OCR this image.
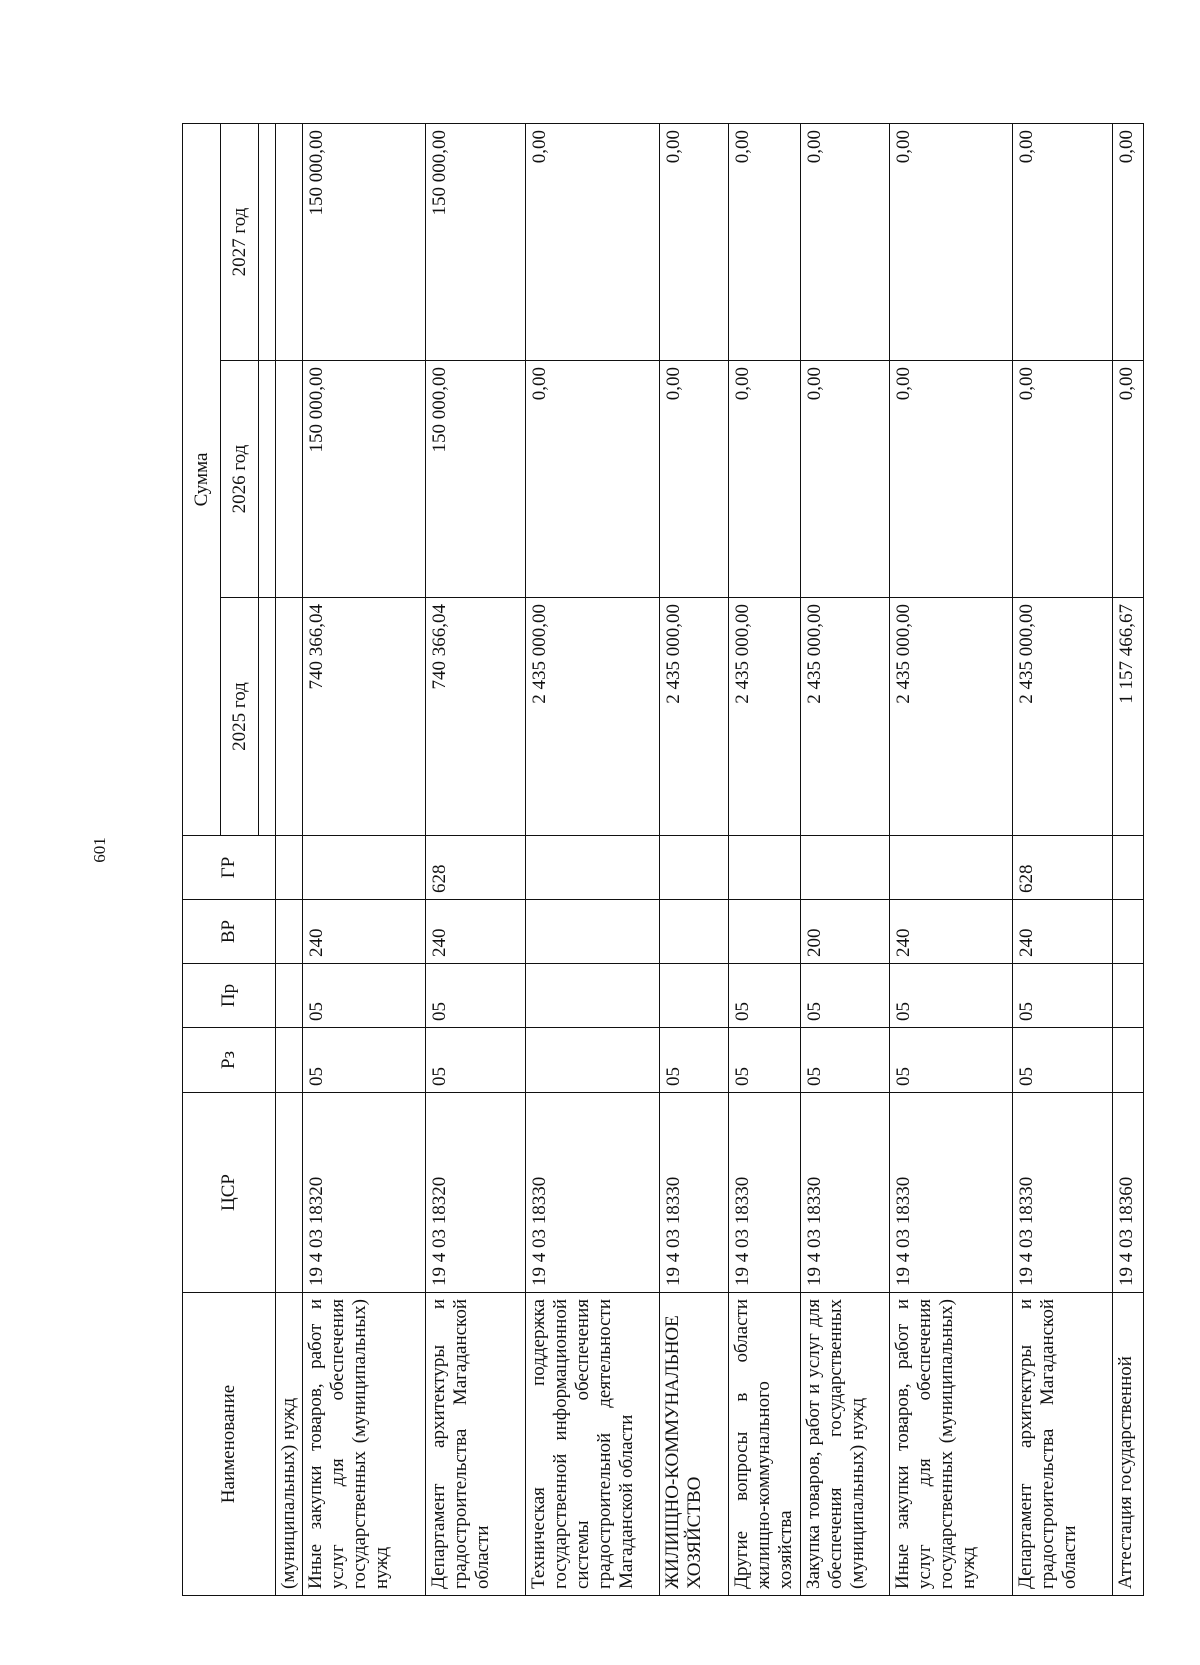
601
Наименование	ЦСР	Рз	Пр	ВР	ГР	Сумма		
						2025 год	2026 год	2027 год

(муниципальных) нужд								
Иные закупки товаров, работ и услуг для обеспечения государственных (муниципальных) нужд	19 4 03 18320	05	05	240		740 366,04	150 000,00	150 000,00
Департамент архитектуры и градостроительства Магаданской области	19 4 03 18320	05	05	240	628	740 366,04	150 000,00	150 000,00
Техническая поддержка государственной информационной системы обеспечения градостроительной деятельности Магаданской области	19 4 03 18330					2 435 000,00	0,00	0,00
ЖИЛИЩНО-КОММУНАЛЬНОЕ ХОЗЯЙСТВО	19 4 03 18330	05				2 435 000,00	0,00	0,00
Другие вопросы в области жилищно-коммунального хозяйства	19 4 03 18330	05	05			2 435 000,00	0,00	0,00
Закупка товаров, работ и услуг для обеспечения государственных (муниципальных) нужд	19 4 03 18330	05	05	200		2 435 000,00	0,00	0,00
Иные закупки товаров, работ и услуг для обеспечения государственных (муниципальных) нужд	19 4 03 18330	05	05	240		2 435 000,00	0,00	0,00
Департамент архитектуры и градостроительства Магаданской области	19 4 03 18330	05	05	240	628	2 435 000,00	0,00	0,00
Аттестация государственной	19 4 03 18360					1 157 466,67	0,00	0,00
